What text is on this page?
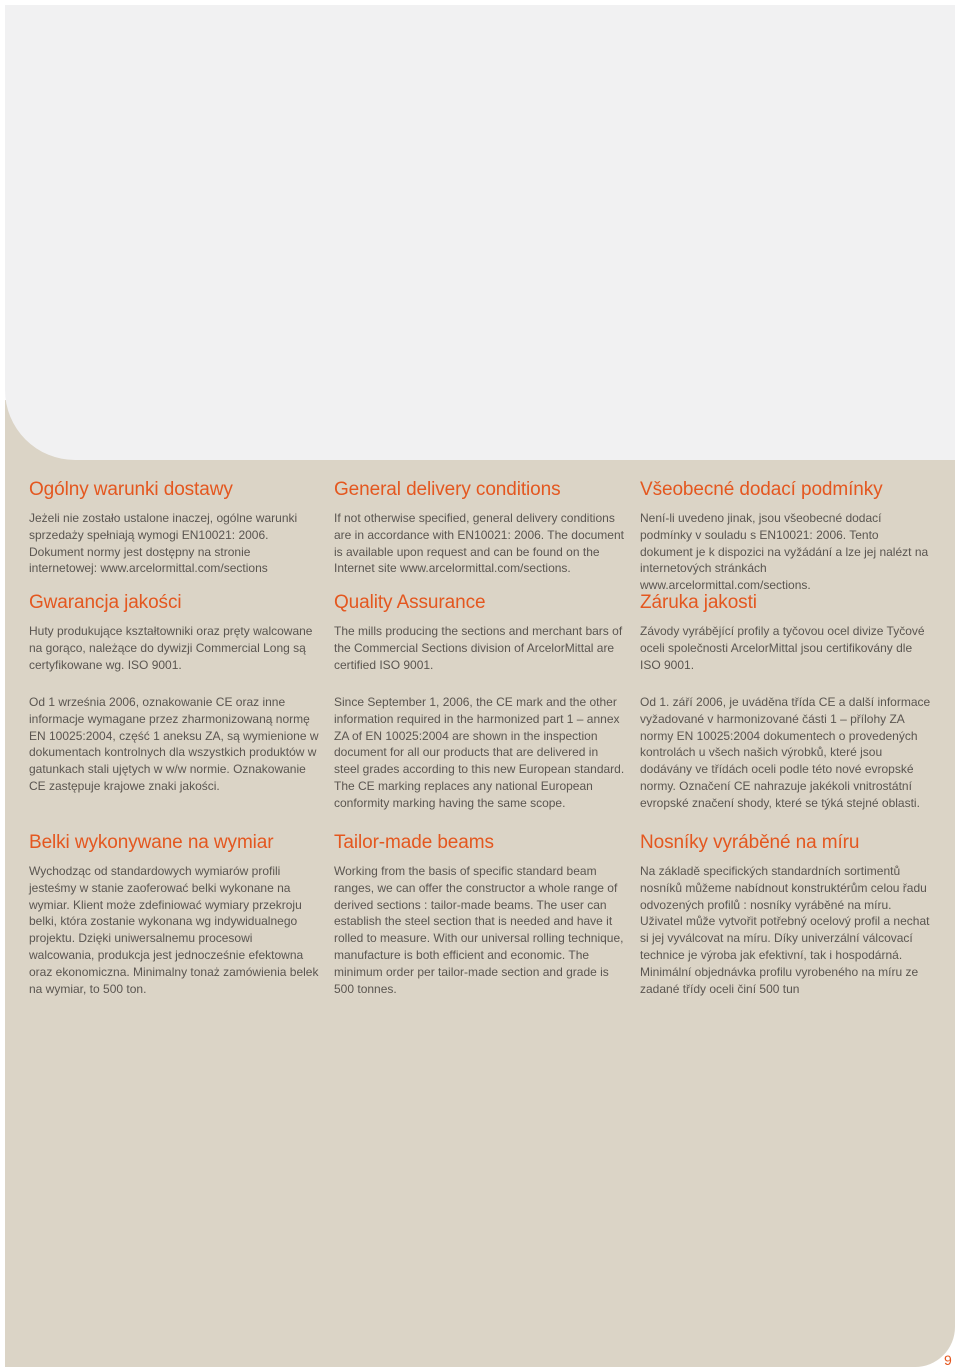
Ogólny warunki dostawy

Jeżeli nie zostało ustalone inaczej, ogólne warunki sprzedaży spełniają wymogi EN10021: 2006. Dokument normy jest dostępny na stronie internetowej: www.arcelormittal.com/sections

Gwarancja jakości

Huty produkujące kształtowniki oraz pręty walcowane na gorąco, należące do dywizji Commercial Long są certyfikowane wg. ISO 9001.

Od 1 września 2006, oznakowanie CE oraz inne informacje wymagane przez zharmonizowaną normę EN 10025:2004, część 1 aneksu ZA, są wymienione w dokumentach kontrolnych dla wszystkich produktów w gatunkach stali ujętych w w/w normie. Oznakowanie CE zastępuje krajowe znaki jakości.

Belki wykonywane na wymiar

Wychodząc od standardowych wymiarów profili jesteśmy w stanie zaoferować belki wykonane na wymiar. Klient może zdefiniować wymiary przekroju belki, która zostanie wykonana wg indywidualnego projektu. Dzięki uniwersalnemu procesowi walcowania, produkcja jest jednocześnie efektowna oraz ekonomiczna. Minimalny tonaż zamówienia belek na wymiar, to 500 ton.

General delivery conditions

If not otherwise specified, general delivery conditions are in accordance with EN10021: 2006. The document is available upon request and can be found on the Internet site www.arcelormittal.com/sections.

Quality Assurance

The mills producing the sections and merchant bars of the Commercial Sections division of ArcelorMittal are certified ISO 9001.

Since September 1, 2006, the CE mark and the other information required in the harmonized part 1 – annex ZA of EN 10025:2004 are shown in the inspection document for all our products that are delivered in steel grades according to this new European standard. The CE marking replaces any national European conformity marking having the same scope.

Tailor-made beams

Working from the basis of specific standard beam ranges, we can offer the constructor a whole range of derived sections : tailor-made beams. The user can establish the steel section that is needed and have it rolled to measure. With our universal rolling technique, manufacture is both efficient and economic. The minimum order per tailor-made section and grade is 500 tonnes.

Všeobecné dodací podmínky

Není-li uvedeno jinak, jsou všeobecné dodací podmínky v souladu s EN10021: 2006. Tento dokument je k dispozici na vyžádání a lze jej nalézt na internetových stránkách www.arcelormittal.com/sections.

Záruka jakosti

Závody vyrábějící profily a tyčovou ocel divize Tyčové oceli společnosti ArcelorMittal jsou certifikovány dle ISO 9001.

Od 1. září 2006, je uváděna třída CE a další informace vyžadované v harmonizované části 1 – přílohy ZA normy EN 10025:2004 dokumentech o provedených kontrolách u všech našich výrobků, které jsou dodávány ve třídách oceli podle této nové evropské normy. Označení CE nahrazuje jakékoli vnitrostátní evropské značení shody, které se týká stejné oblasti.

Nosníky vyráběné na míru

Na základě specifických standardních sortimentů nosníků můžeme nabídnout konstruktérům celou řadu odvozených profilů : nosníky vyráběné na míru. Uživatel může vytvořit potřebný ocelový profil a nechat si jej vyválcovat na míru. Díky univerzální válcovací technice je výroba jak efektivní, tak i hospodárná. Minimální objednávka profilu vyrobeného na míru ze zadané třídy oceli činí 500 tun

9
